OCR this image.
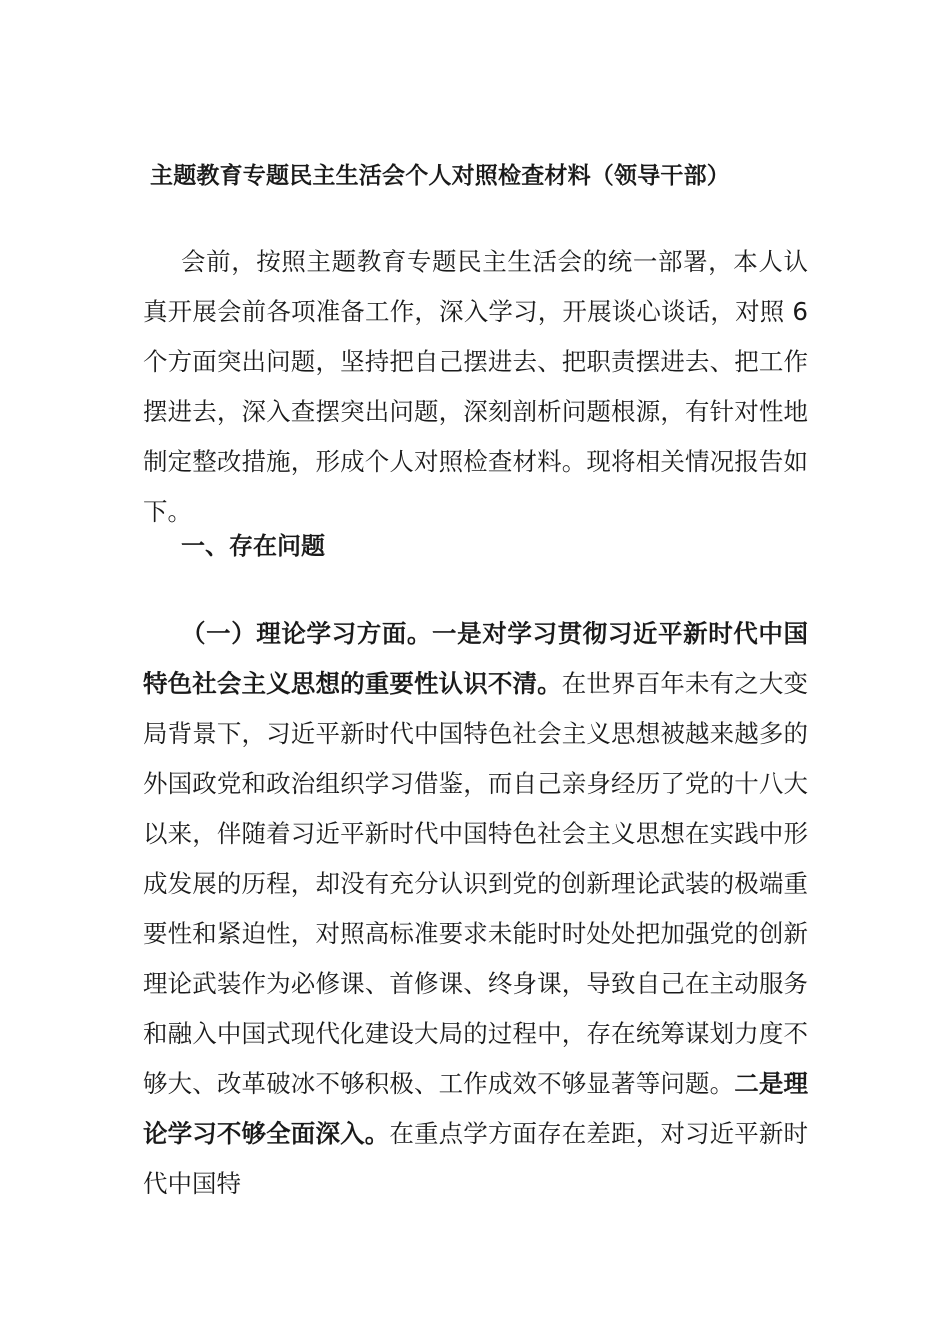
主题教育专题民主生活会个人对照检查材料（领导干部）

会前，按照主题教育专题民主生活会的统一部署，本人认真开展会前各项准备工作，深入学习，开展谈心谈话，对照 6 个方面突出问题，坚持把自己摆进去、把职责摆进去、把工作摆进去，深入查摆突出问题，深刻剖析问题根源，有针对性地制定整改措施，形成个人对照检查材料。现将相关情况报告如下。

一、存在问题

（一）理论学习方面。一是对学习贯彻习近平新时代中国特色社会主义思想的重要性认识不清。在世界百年未有之大变局背景下，习近平新时代中国特色社会主义思想被越来越多的外国政党和政治组织学习借鉴，而自己亲身经历了党的十八大以来，伴随着习近平新时代中国特色社会主义思想在实践中形成发展的历程，却没有充分认识到党的创新理论武装的极端重要性和紧迫性，对照高标准要求未能时时处处把加强党的创新理论武装作为必修课、首修课、终身课，导致自己在主动服务和融入中国式现代化建设大局的过程中，存在统筹谋划力度不够大、改革破冰不够积极、工作成效不够显著等问题。二是理论学习不够全面深入。在重点学方面存在差距，对习近平新时代中国特
